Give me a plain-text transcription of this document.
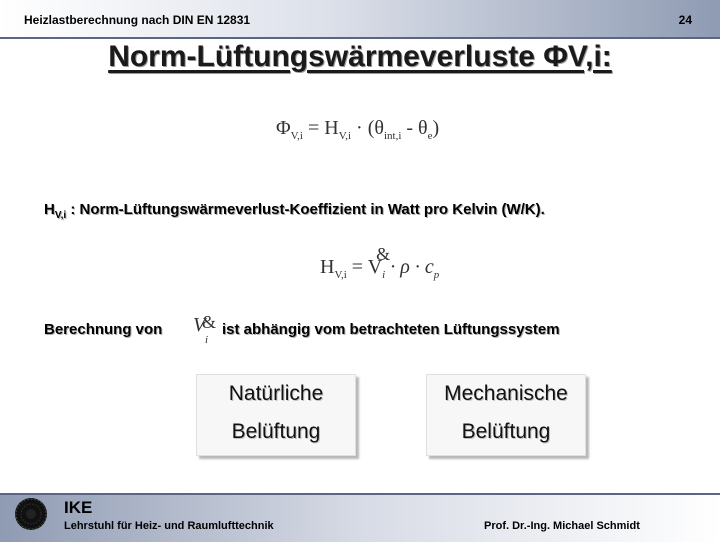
Heizlastberechnung nach DIN EN 12831	24
Norm-Lüftungswärmeverluste ΦV,i:
$\Phi_{V,i} = H_{V,i} \cdot (\theta_{int,i} - \theta_e)$
$H_{V,i}$ : Norm-Lüftungswärmeverlust-Koeffizient in Watt pro Kelvin (W/K).
$H_{V,i} = V_i$
&
· $\rho \cdot c_p$
Berechnung von V
&
i
ist abhängig vom betrachteten Lüftungssystem
Natürliche
Belüftung
Mechanische
Belüftung
IKE
Lehrstuhl für Heiz- und Raumlufttechnik	Prof. Dr.-Ing. Michael Schmidt
